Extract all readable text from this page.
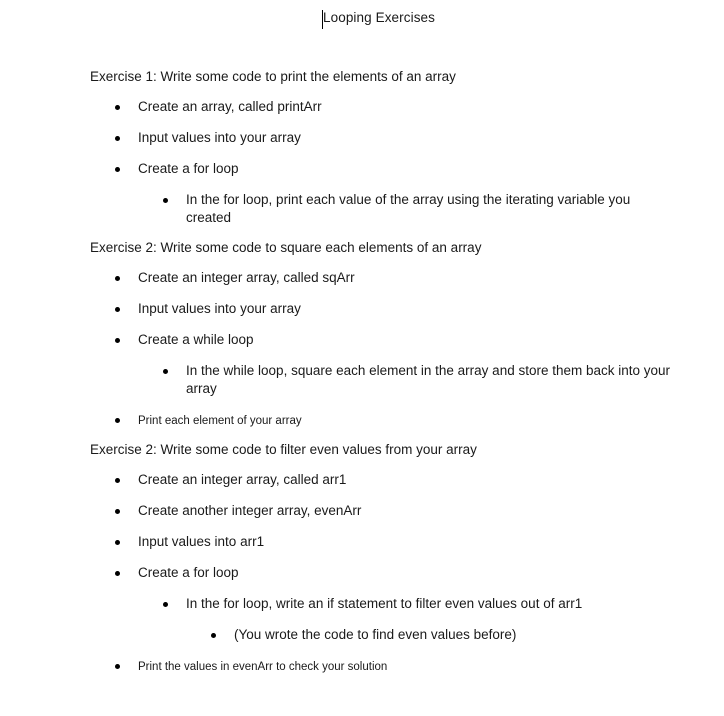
Looping Exercises
Exercise 1: Write some code to print the elements of an array
Create an array, called printArr
Input values into your array
Create a for loop
In the for loop, print each value of the array using the iterating variable you created
Exercise 2: Write some code to square each elements of an array
Create an integer array, called sqArr
Input values into your array
Create a while loop
In the while loop, square each element in the array and store them back into your array
Print each element of your array
Exercise 2: Write some code to filter even values from your array
Create an integer array, called arr1
Create another integer array, evenArr
Input values into arr1
Create a for loop
In the for loop, write an if statement to filter even values out of arr1
(You wrote the code to find even values before)
Print the values in evenArr to check your solution
